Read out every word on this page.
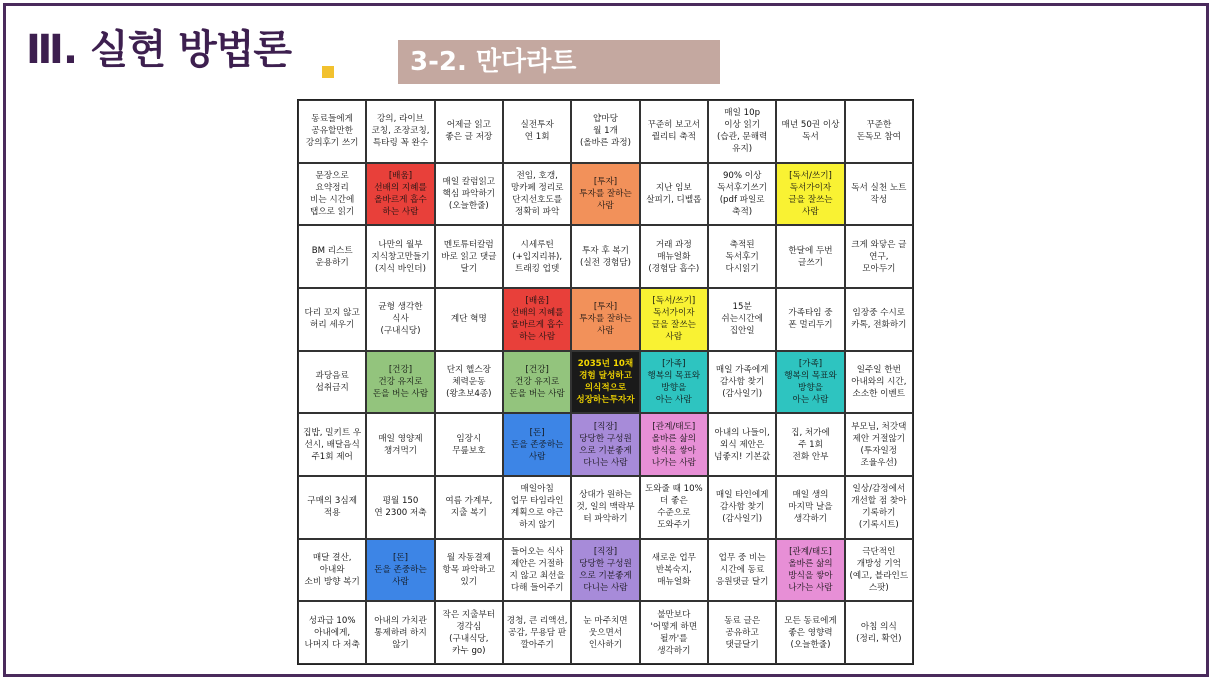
Ⅲ. 실현 방법론	3-2. 만다라트
동료들에게
공유할만한
강의후기 쓰기
강의, 라이브
코칭, 조장코칭,
특타링 꼭 완수
어제글 읽고
좋은 글 저장
실전투자
연 1회
얍마당
월 1개
(올바른 과정)
꾸준히 보고서
퀄리티 축적
매일 10p
이상 읽기
(습관, 문해력
유지)
매년 50권 이상
독서
꾸준한
돈독모 참여
문장으로
요약정리
비는 시간에
탭으로 읽기
[배움]
선배의 지혜를
올바르게 흡수
하는 사람
매일 칼럼읽고
핵심 파악하기
(오늘한줄)
전임, 호갱,
망카페 정리로
단지선호도를
정확히 파악
[투자]
투자를 잘하는
사람
지난 임보
살피기, 디벨롭
90% 이상
독서후기쓰기
(pdf 파일로
축적)
[독서/쓰기]
독서가이자
글을 잘쓰는
사람
독서 실천 노트
작성
BM 리스트
운용하기
나만의 월부
지식창고만들기
(지식 바인더)
멘토튜터칼럼
바로 읽고 댓글
달기
시세루틴
(+입지리뷰),
트래킹 업뎃
투자 후 복기
(실전 경험담)
거래 과정
매뉴얼화
(경험담 흡수)
축적된
독서후기
다시읽기
한달에 두번
글쓰기
크게 와닿은 글
연구,
모아두기
다리 꼬지 않고
허리 세우기
균형 생각한
식사
(구내식당)
계단 혁명
[배움]
선배의 지혜를
올바르게 흡수
하는 사람
[투자]
투자를 잘하는
사람
[독서/쓰기]
독서가이자
글을 잘쓰는
사람
15분
쉬는시간에
집안일
가족타임 중
폰 멀리두기
임장중 수시로
카톡, 전화하기
과당음료
섭취금지
[건강]
건강 유지로
돈을 버는 사람
단지 헬스장
체력운동
(왕초보4종)
[건강]
건강 유지로
돈을 버는 사람
2035년 10채
경험 달성하고
의식적으로
성장하는투자자
[가족]
행복의 목표와
방향을
아는 사람
매일 가족에게
감사함 찾기
(감사일기)
[가족]
행복의 목표와
방향을
아는 사람
일주일 한번
아내와의 시간,
소소한 이벤트
집밥, 밀키트 우
선시, 배달음식
주1회 제어
매일 영양제
챙겨먹기
임장시
무릎보호
[돈]
돈을 존중하는
사람
[직장]
당당한 구성원
으로 기분좋게
다니는 사람
[관계/태도]
올바른 삶의
방식을 쌓아
나가는 사람
아내의 나들이,
외식 제안은
넘좋지! 기본값
집, 처가에
주 1회
전화 안부
부모님, 처갓댁
제안 거절않기
(투자일정
조율우선)
구매의 3심제
적용
평월 150
연 2300 저축
여름 가계부,
지출 복기
매일아침
업무 타임라인
계획으로 야근
하지 않기
상대가 원하는
것, 일의 맥락부
터 파악하기
도와줄 때 10%
더 좋은
수준으로
도와주기
매일 타인에게
감사함 찾기
(감사일기)
매일 생의
마지막 날을
생각하기
일상/감정에서
개선할 점 찾아
기록하기
(기록시트)
매달 결산,
아내와
소비 방향 복기
[돈]
돈을 존중하는
사람
월 자동결제
항목 파악하고
있기
들어오는 식사
제안은 거절하
지 않고 최선을
다해 들어주기
[직장]
당당한 구성원
으로 기분좋게
다니는 사람
새로운 업무
반복숙지,
매뉴얼화
업무 중 비는
시간에 동료
응원댓글 달기
[관계/태도]
올바른 삶의
방식을 쌓아
나가는 사람
극단적인
개방성 기억
(예고, 블라인드
스팟)
성과급 10%
아내에게,
나머지 다 저축
아내의 가치관
통제하려 하지
않기
작은 지출부터
경각심
(구내식당,
카누 go)
경청, 큰 리액션,
공감, 무용담 판
깔아주기
눈 마주치면
웃으면서
인사하기
불만보다
'어떻게 하면
될까'를
생각하기
동료 글은
공유하고
댓글달기
모든 동료에게
좋은 영향력
(오늘한줄)
아침 의식
(정리, 확언)
